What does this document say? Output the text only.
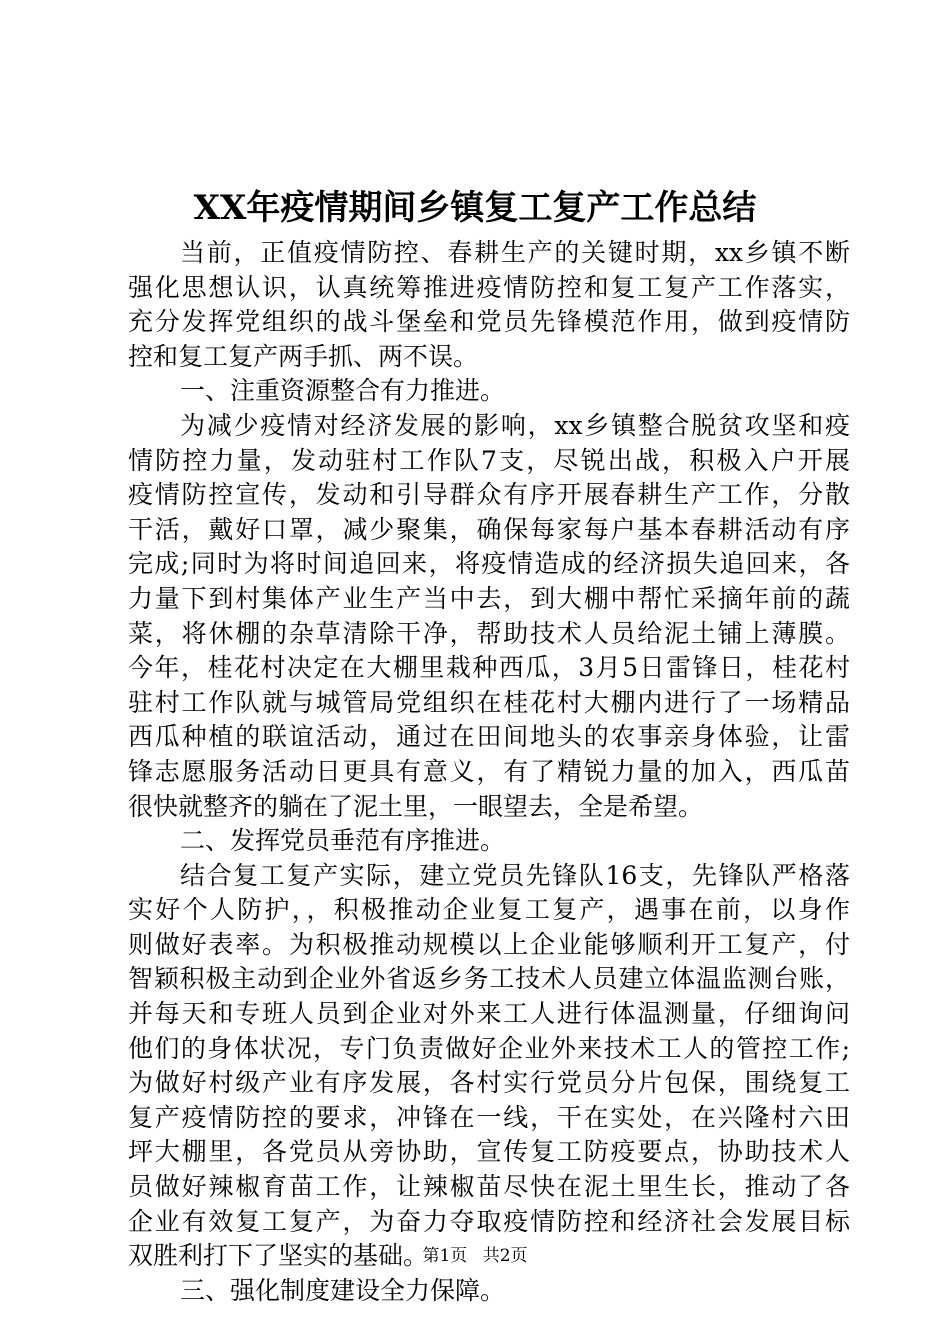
XX年疫情期间乡镇复工复产工作总结
当前，正值疫情防控、春耕生产的关键时期，xx乡镇不断
强化思想认识，认真统筹推进疫情防控和复工复产工作落实，
充分发挥党组织的战斗堡垒和党员先锋模范作用，做到疫情防
控和复工复产两手抓、两不误。
一、注重资源整合有力推进。
为减少疫情对经济发展的影响，xx乡镇整合脱贫攻坚和疫
情防控力量，发动驻村工作队7支，尽锐出战，积极入户开展
疫情防控宣传，发动和引导群众有序开展春耕生产工作，分散
干活，戴好口罩，减少聚集，确保每家每户基本春耕活动有序
完成;同时为将时间追回来，将疫情造成的经济损失追回来，各
力量下到村集体产业生产当中去，到大棚中帮忙采摘年前的蔬
菜，将休棚的杂草清除干净，帮助技术人员给泥土铺上薄膜。
今年，桂花村决定在大棚里栽种西瓜，3月5日雷锋日，桂花村
驻村工作队就与城管局党组织在桂花村大棚内进行了一场精品
西瓜种植的联谊活动，通过在田间地头的农事亲身体验，让雷
锋志愿服务活动日更具有意义，有了精锐力量的加入，西瓜苗
很快就整齐的躺在了泥土里，一眼望去，全是希望。
二、发挥党员垂范有序推进。
结合复工复产实际，建立党员先锋队16支，先锋队严格落
实好个人防护，，积极推动企业复工复产，遇事在前，以身作
则做好表率。为积极推动规模以上企业能够顺利开工复产，付
智颖积极主动到企业外省返乡务工技术人员建立体温监测台账，
并每天和专班人员到企业对外来工人进行体温测量，仔细询问
他们的身体状况，专门负责做好企业外来技术工人的管控工作;
为做好村级产业有序发展，各村实行党员分片包保，围绕复工
复产疫情防控的要求，冲锋在一线，干在实处，在兴隆村六田
坪大棚里，各党员从旁协助，宣传复工防疫要点，协助技术人
员做好辣椒育苗工作，让辣椒苗尽快在泥土里生长，推动了各
企业有效复工复产，为奋力夺取疫情防控和经济社会发展目标
双胜利打下了坚实的基础。
三、强化制度建设全力保障。
第1页 共2页
